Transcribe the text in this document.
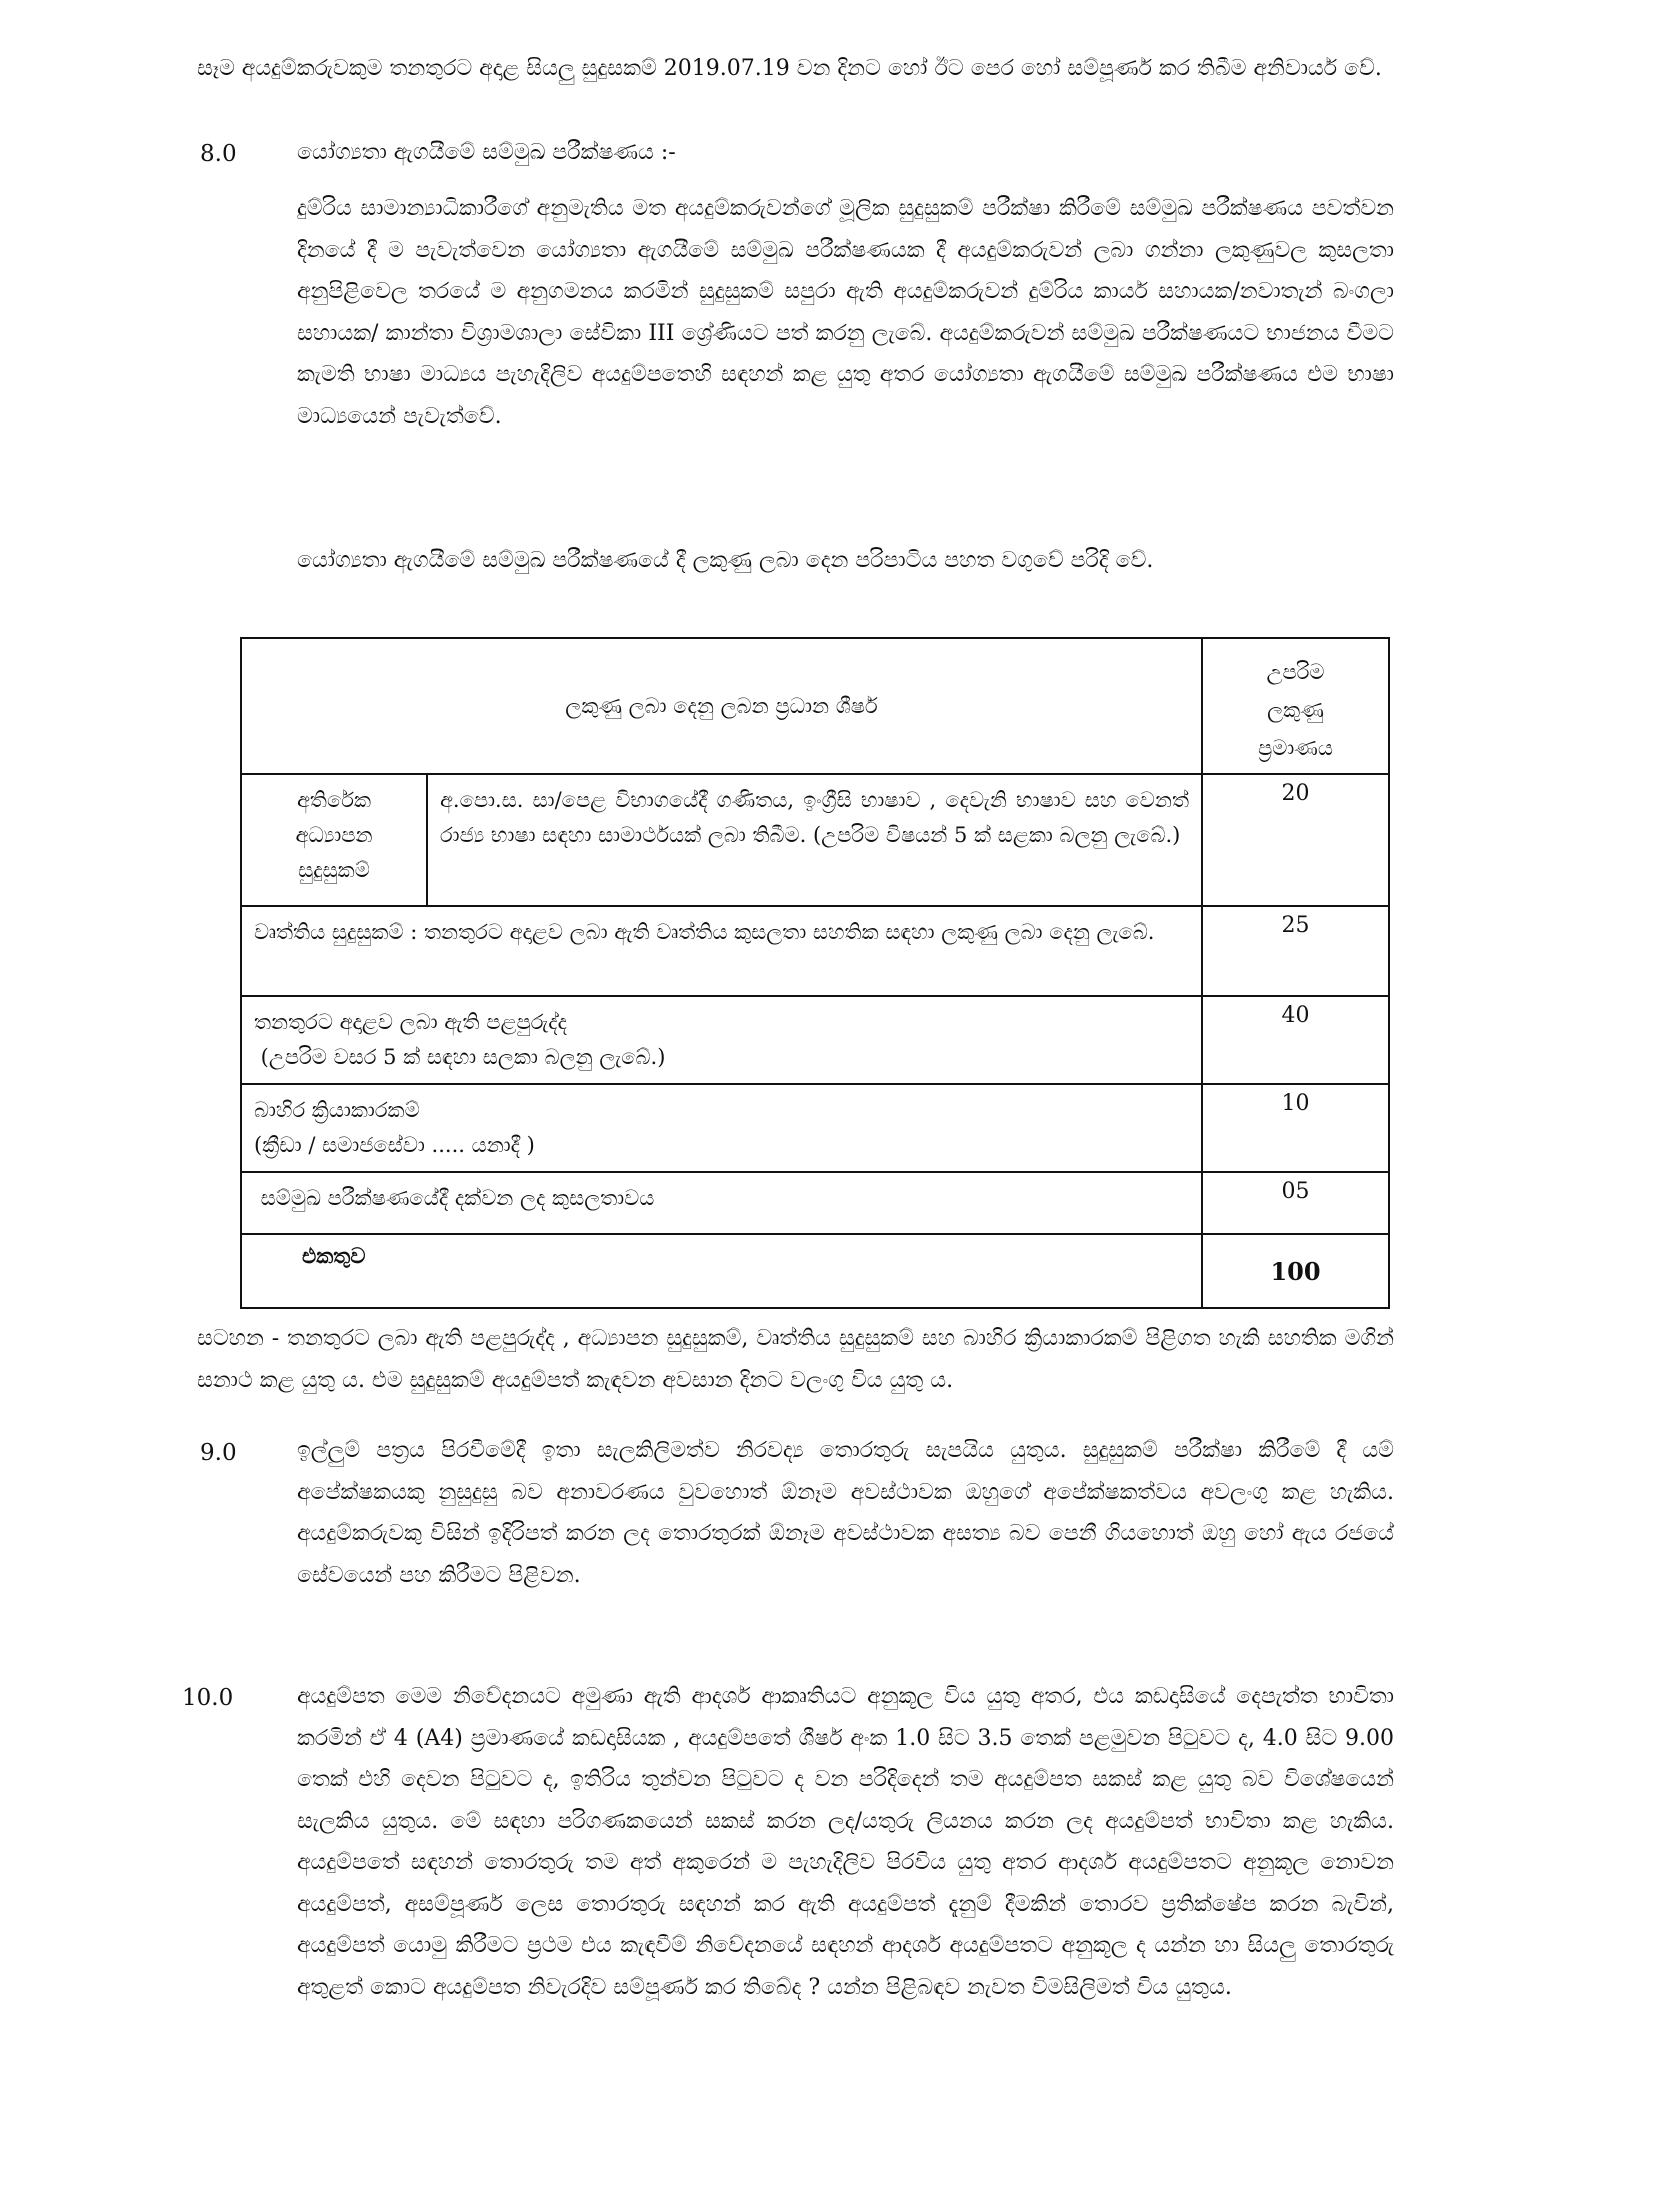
සෑම අයදුම්කරුවකුම තනතුරට අදාළ සියලු සුදුසකම් 2019.07.19 වන දිනට හෝ ඊට පෙර හෝ සම්පූර්ණ කර තිබීම අනිවාර්ය වේ.

8.0	යෝග්‍යතා ඇගයීමේ සම්මුඛ පරීක්ෂණය :-

දුම්රිය සාමාන්‍යාධිකාරීගේ අනුමැතිය මත අයදුම්කරුවන්ගේ මූලික සුදුසුකම් පරීක්ෂා කිරීමේ සම්මුඛ පරීක්ෂණය පවත්වන දිනයේ දී ම පැවැත්වෙන යෝග්‍යතා ඇගයීමේ සම්මුඛ පරීක්ෂණයක දී අයදුම්කරුවන් ලබා ගන්නා ලකුණුවල කුසලතා අනුපිළිවෙල තරයේ ම අනුගමනය කරමින් සුදුසුකම් සපුරා ඇති අයදුම්කරුවන් දුම්රිය කාර්ය සහායක/නවාතැන් බංගලා සහායක/ කාන්තා විශ්‍රාමශාලා සේවිකා III ශ්‍රේණියට පත් කරනු ලැබේ. අයදුම්කරුවන් සම්මුඛ පරීක්ෂණයට භාජනය වීමට කැමති භාෂා මාධ්‍යය පැහැදිලිව අයදුම්පතෙහි සඳහන් කළ යුතු අතර යෝග්‍යතා ඇගයීමේ සම්මුඛ පරීක්ෂණය එම භාෂා මාධ්‍යයෙන් පැවැත්වේ.

යෝග්‍යතා ඇගයීමේ සම්මුඛ පරීක්ෂණයේ දී ලකුණු ලබා දෙන පරිපාටිය පහත වගුවේ පරිදි වේ.

ලකුණු ලබා දෙනු ලබන ප්‍රධාන ශීර්ෂ		උපරිම
ලකුණු
ප්‍රමාණය

අතිරේක
අධ්‍යාපන
සුදුසුකම්	අ.පො.ස. සා/පෙළ විභාගයේදී ගණිතය, ඉංග්‍රීසි භාෂාව , දෙවැනි භාෂාව සහ වෙනත් රාජ්‍ය භාෂා සඳහා සාමාර්ථයක් ලබා තිබීම. (උපරිම විෂයන් 5 ක් සළකා බලනු ලැබේ.)	20
වෘත්තිය සුදුසුකම් : තනතුරට අදාළව ලබා ඇති වෘත්තිය කුසලතා සහතික සඳහා ලකුණු ලබා දෙනු ලැබේ.		25

තනතුරට අදාළව ලබා ඇති පළපුරුද්ද
(උපරිම වසර 5 ක් සඳහා සලකා බලනු ලැබේ.)		40

බාහිර ක්‍රියාකාරකම්
(ක්‍රීඩා / සමාජසේවා ..... යනාදී )		10
සම්මුඛ පරීක්ෂණයේදී දක්වන ලද කුසලතාවය		05
එකතුව		100

සටහන - තනතුරට ලබා ඇති පළපුරුද්ද , අධ්‍යාපන සුදුසුකම්, වෘත්තිය සුදුසුකම් සහ බාහිර ක්‍රියාකාරකම් පිළිගත හැකි සහතික මගින් සනාථ කළ යුතු ය. එම සුදුසුකම් අයදුම්පත් කැඳවන අවසාන දිනට වලංගු විය යුතු ය.

9.0	ඉල්ලුම් පත්‍රය පිරවීමේදී ඉතා සැලකිලිමත්ව නිරවද්‍ය තොරතුරු සැපයිය යුතුය. සුදුසුකම් පරීක්ෂා කිරීමේ දී යම් අපේක්ෂකයකු නුසුදුසු බව අනාවරණය වුවහොත් ඕනෑම අවස්ථාවක ඔහුගේ අපේක්ෂකත්වය අවලංගු කළ හැකිය. අයදුම්කරුවකු විසින් ඉදිරිපත් කරන ලද තොරතුරක් ඕනෑම අවස්ථාවක අසත්‍ය බව පෙනී ගියහොත් ඔහු හෝ ඇය රජයේ සේවයෙන් පහ කිරීමට පිළිවන.

10.0	අයදුම්පත මෙම නිවේදනයට අමුණා ඇති ආදර්ශ ආකෘතියට අනුකූල විය යුතු අතර, එය කඩදාසියේ දෙපැත්ත භාවිතා කරමින් ඒ 4 (A4) ප්‍රමාණයේ කඩදාසියක , අයදුම්පතේ ශීර්ෂ අංක 1.0 සිට 3.5 තෙක් පළමුවන පිටුවට ද, 4.0 සිට 9.00 තෙක් එහි දෙවන පිටුවට ද, ඉතිරිය තුන්වන පිටුවට ද වන පරිදි‍දෙන් තම අයදුම්පත සකස් කළ යුතු බව විශේෂයෙන් සැලකිය යුතුය. මේ සඳහා පරිගණකයෙන් සකස් කරන ලද/යතුරු ලියනය කරන ලද අයදුම්පත් භාවිතා කළ හැකිය. අයදුම්පතේ සඳහන් තොරතුරු තම අත් අකුරෙන් ම පැහැදිලිව පිරවිය යුතු අතර ආදර්ශ අයදුම්පතට අනුකූල නොවන අයදුම්පත්, අසම්පූර්ණ ලෙස තොරතුරු සඳහන් කර ඇති අයදුම්පත් දැනුම් දීමකින් තොරව ප්‍රතික්ෂේප කරන බැවින්, අයදුම්පත් යොමු කිරීමට ප්‍රථම එය කැඳවීම් නිවේදනයේ සඳහන් ආදර්ශ අයදුම්පතට අනුකූල ද යන්න හා සියලු තොරතුරු අතුළත් කොට අයදුම්පත නිවැරදිව සම්පූර්ණ කර තිබේද ? යන්න පිළිබඳව නැවත විමසිලිමත් විය යුතුය.
